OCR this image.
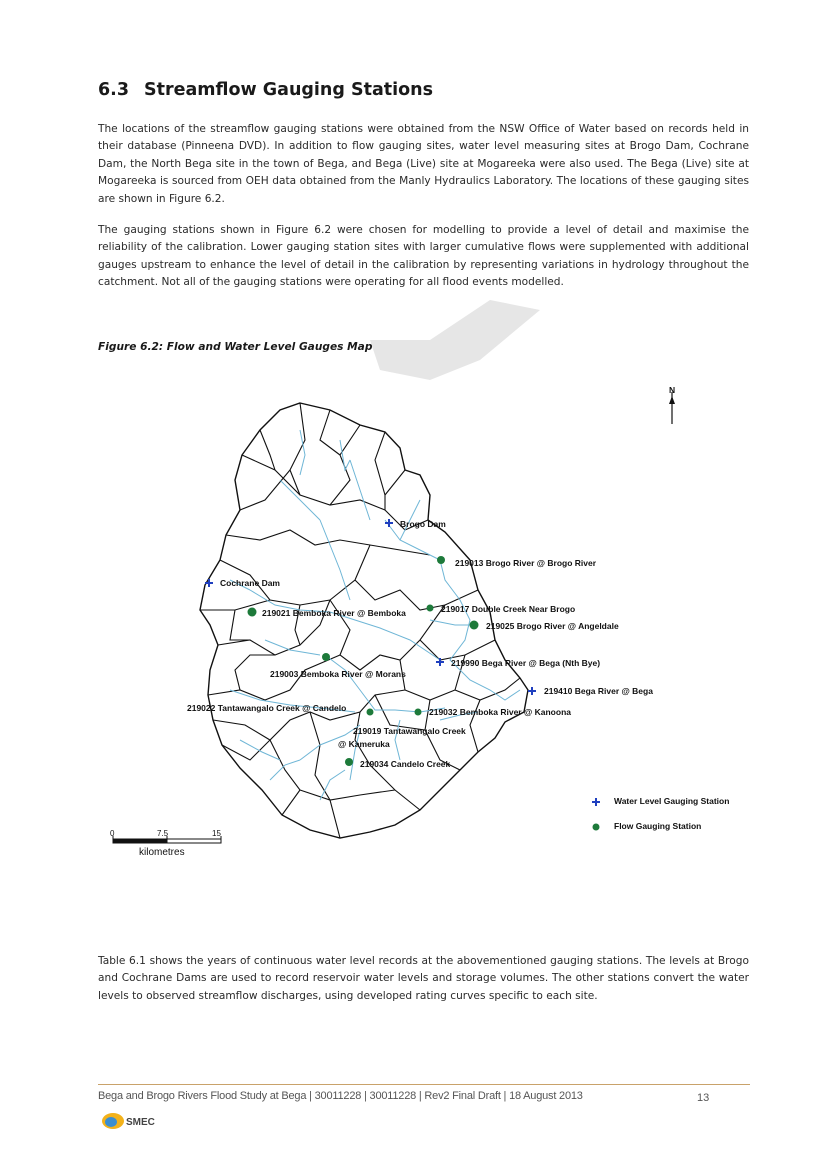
6.3 Streamflow Gauging Stations

The locations of the streamflow gauging stations were obtained from the NSW Office of Water based on records held in their database (Pinneena DVD). In addition to flow gauging sites, water level measuring sites at Brogo Dam, Cochrane Dam, the North Bega site in the town of Bega, and Bega (Live) site at Mogareeka were also used. The Bega (Live) site at Mogareeka is sourced from OEH data obtained from the Manly Hydraulics Laboratory. The locations of these gauging sites are shown in Figure 6.2.

The gauging stations shown in Figure 6.2 were chosen for modelling to provide a level of detail and maximise the reliability of the calibration. Lower gauging station sites with larger cumulative flows were supplemented with additional gauges upstream to enhance the level of detail in the calibration by representing variations in hydrology throughout the catchment. Not all of the gauging stations were operating for all flood events modelled.

Figure 6.2: Flow and Water Level Gauges Map
N
Brogo Dam
219013 Brogo River @ Brogo River
Cochrane Dam
219021 Bemboka River @ Bemboka	219017 Double Creek Near Brogo
219025 Brogo River @ Angeldale
219990 Bega River @ Bega (Nth Bye)
219003 Bemboka River @ Morans
219410 Bega River @ Bega
219022 Tantawangalo Creek @ Candelo	219032 Bemboka River @ Kanoona
219019 Tantawangalo Creek
@ Kameruka
219034 Candelo Creek
Water Level Gauging Station
Flow Gauging Station
0	7.5	15
kilometres

Table 6.1 shows the years of continuous water level records at the abovementioned gauging stations. The levels at Brogo and Cochrane Dams are used to record reservoir water levels and storage volumes. The other stations convert the water levels to observed streamflow discharges, using developed rating curves specific to each site.

Bega and Brogo Rivers Flood Study at Bega | 30011228 | 30011228 | Rev2 Final Draft | 18 August 2013	13
SMEC
